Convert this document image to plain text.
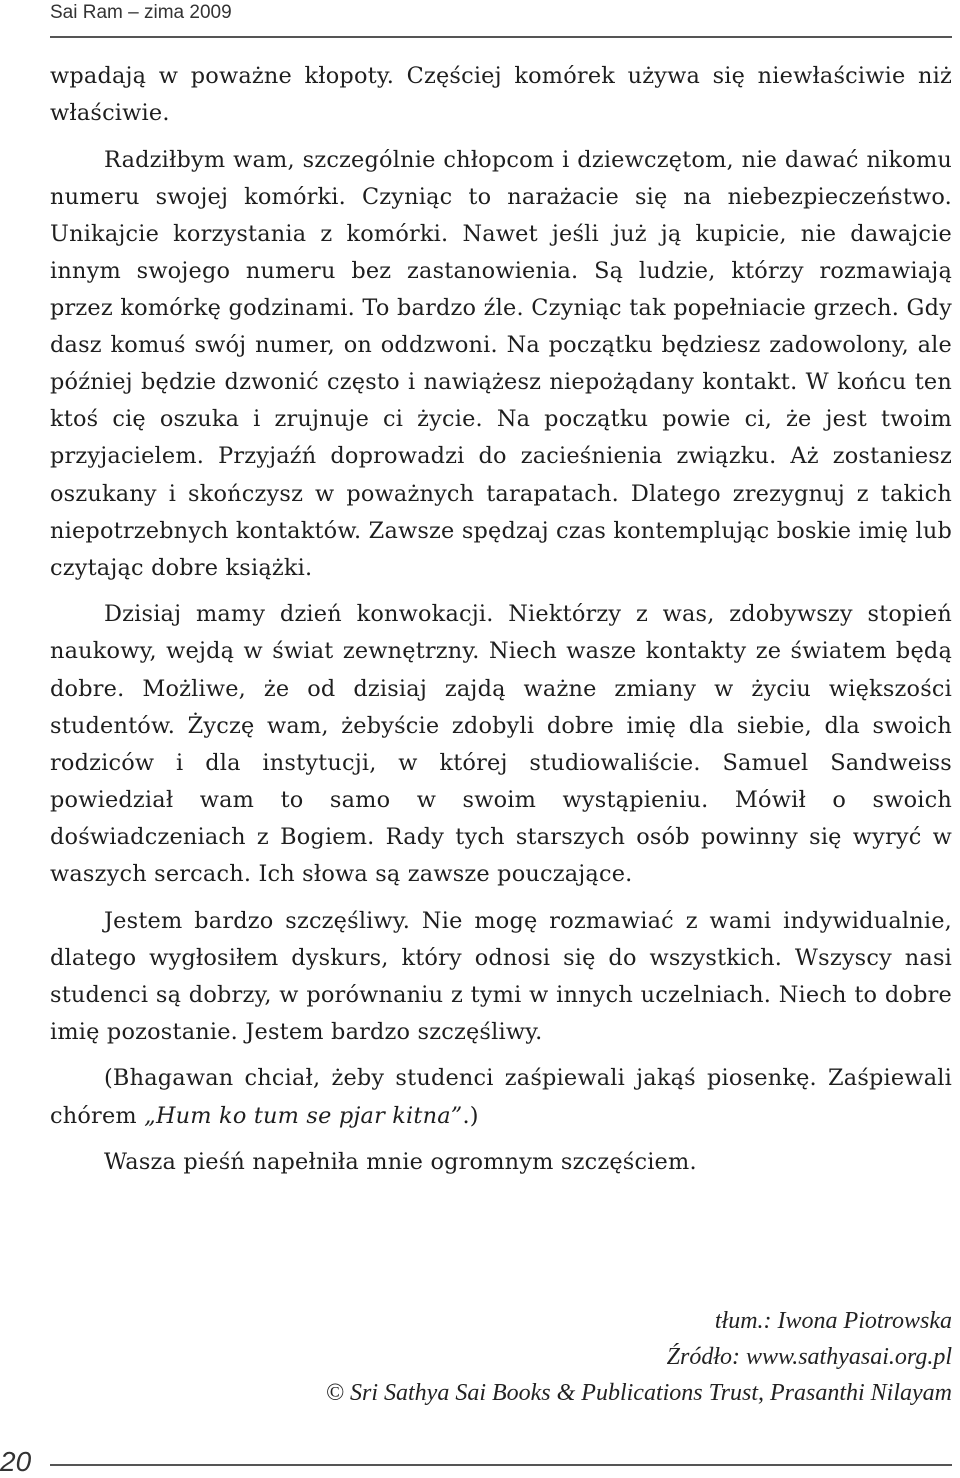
Sai Ram – zima 2009

wpadają w poważne kłopoty. Częściej komórek używa się niewłaściwie niż właściwie.

Radziłbym wam, szczególnie chłopcom i dziewczętom, nie dawać nikomu numeru swojej komórki. Czyniąc to narażacie się na niebezpieczeństwo. Unikajcie korzystania z komórki. Nawet jeśli już ją kupicie, nie dawajcie innym swojego numeru bez zastanowienia. Są ludzie, którzy rozmawiają przez komórkę godzinami. To bardzo źle. Czyniąc tak popełniacie grzech. Gdy dasz komuś swój numer, on oddzwoni. Na początku będziesz zadowolony, ale później będzie dzwonić często i nawiążesz niepożądany kontakt. W końcu ten ktoś cię oszuka i zrujnuje ci życie. Na początku powie ci, że jest twoim przyjacielem. Przyjaźń doprowadzi do zacieśnienia związku. Aż zostaniesz oszukany i skończysz w poważnych tarapatach. Dlatego zrezygnuj z takich niepotrzebnych kontaktów. Zawsze spędzaj czas kontemplując boskie imię lub czytając dobre książki.

Dzisiaj mamy dzień konwokacji. Niektórzy z was, zdobywszy stopień naukowy, wejdą w świat zewnętrzny. Niech wasze kontakty ze światem będą dobre. Możliwe, że od dzisiaj zajdą ważne zmiany w życiu większości studentów. Życzę wam, żebyście zdobyli dobre imię dla siebie, dla swoich rodziców i dla instytucji, w której studiowaliście. Samuel Sandweiss powiedział wam to samo w swoim wystąpieniu. Mówił o swoich doświadczeniach z Bogiem. Rady tych starszych osób powinny się wyryć w waszych sercach. Ich słowa są zawsze pouczające.

Jestem bardzo szczęśliwy. Nie mogę rozmawiać z wami indywidualnie, dlatego wygłosiłem dyskurs, który odnosi się do wszystkich. Wszyscy nasi studenci są dobrzy, w porównaniu z tymi w innych uczelniach. Niech to dobre imię pozostanie. Jestem bardzo szczęśliwy.

(Bhagawan chciał, żeby studenci zaśpiewali jakąś piosenkę. Zaśpiewali chórem „Hum ko tum se pjar kitna”.)

Wasza pieśń napełniła mnie ogromnym szczęściem.

tłum.: Iwona Piotrowska
Źródło: www.sathyasai.org.pl
© Sri Sathya Sai Books & Publications Trust, Prasanthi Nilayam
20
